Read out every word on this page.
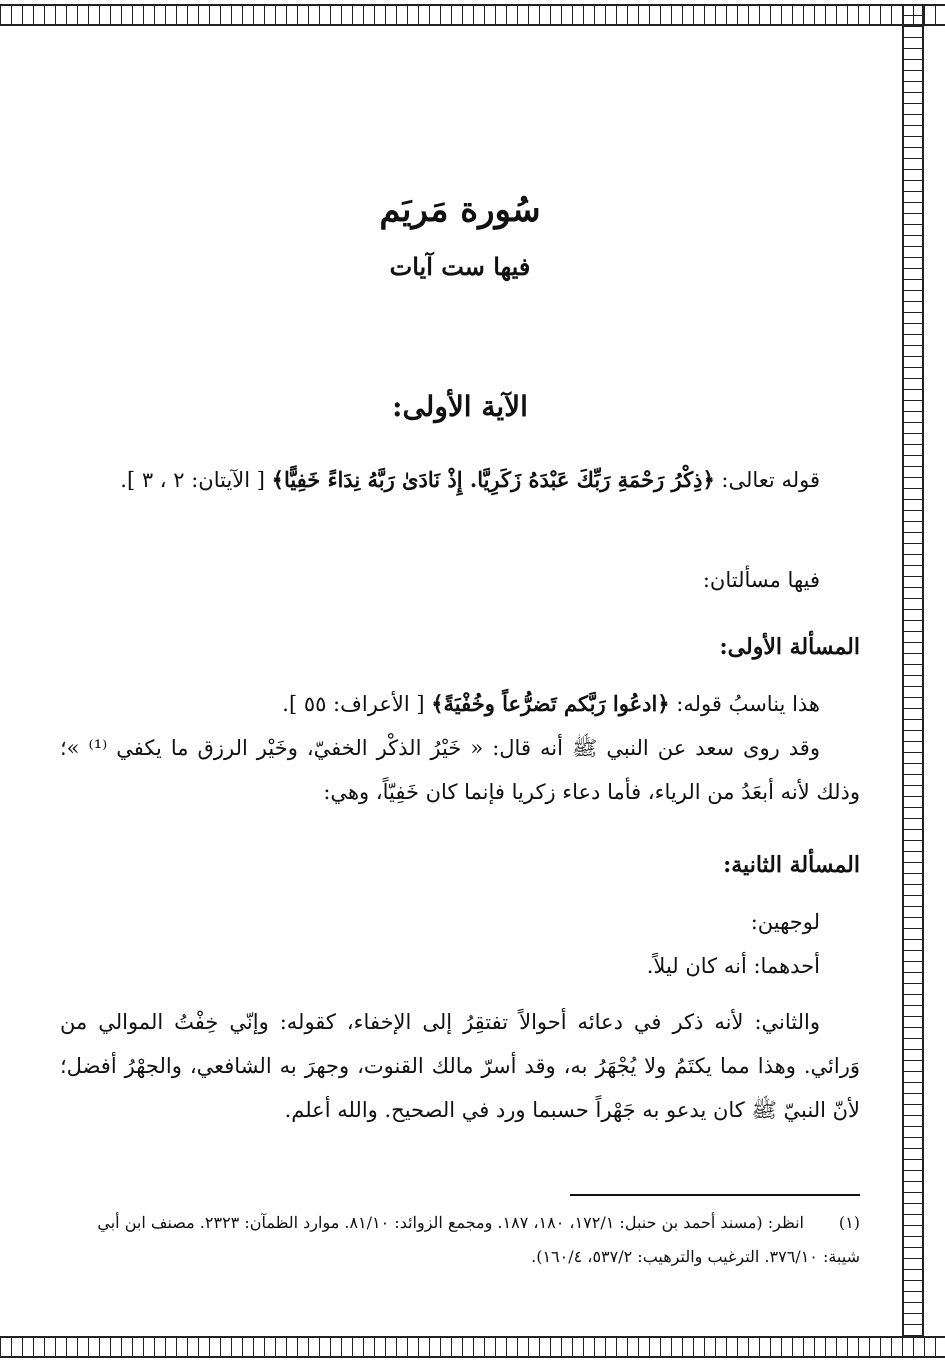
سُورة مَريَم
فيها ست آيات
الآية الأولى:
قوله تعالى: ﴿ذِكْرُ رَحْمَةِ رَبِّكَ عَبْدَهُ زَكَرِيَّا. إِذْ نَادَىٰ رَبَّهُ نِدَاءً خَفِيًّا﴾ [ الآيتان: ٢ ، ٣ ].
فيها مسألتان:
المسألة الأولى:
هذا يناسبُ قوله: ﴿ادعُوا رَبَّكم تَضرُّعاً وخُفْيَةً﴾ [ الأعراف: ٥٥ ].
وقد روى سعد عن النبي ﷺ أنه قال: « خَيْرُ الذكْر الخفيّ، وخَيْر الرزق ما يكفي ⁽¹⁾ »؛ وذلك لأنه أبعَدُ من الرياء، فأما دعاء زكريا فإنما كان خَفِيّاً، وهي:
المسألة الثانية:
لوجهين:
أحدهما: أنه كان ليلاً.
والثاني: لأنه ذكر في دعائه أحوالاً تفتقِرُ إلى الإخفاء، كقوله: وإنّي خِفْتُ الموالي من وَرائي. وهذا مما يكتَمُ ولا يُجْهَرُ به، وقد أسرّ مالك القنوت، وجهرَ به الشافعي، والجهْرُ أفضل؛ لأنّ النبيّ ﷺ كان يدعو به جَهْراً حسبما ورد في الصحيح. والله أعلم.
(١)انظر: (مسند أحمد بن حنبل: ١٧٢/١، ١٨٠، ١٨٧. ومجمع الزوائد: ٨١/١٠. موارد الظمآن: ٢٣٢٣. مصنف ابن أبي شيبة: ٣٧٦/١٠. الترغيب والترهيب: ٥٣٧/٢، ١٦٠/٤).
